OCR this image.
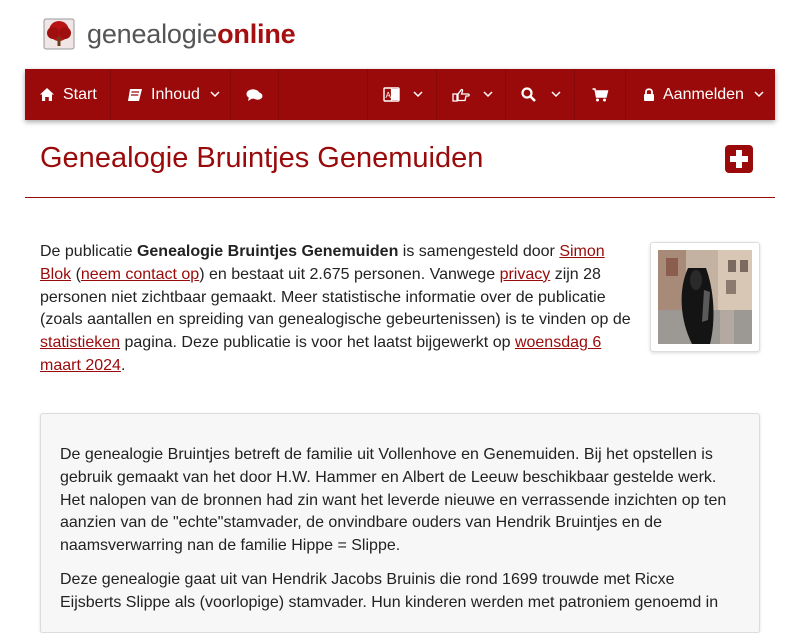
genealogieonline
Start	Inhoud	A	Aanmelden
Genealogie Bruintjes Genemuiden
De publicatie Genealogie Bruintjes Genemuiden is samengesteld door Simon Blok (neem contact op) en bestaat uit 2.675 personen. Vanwege privacy zijn 28 personen niet zichtbaar gemaakt. Meer statistische informatie over de publicatie (zoals aantallen en spreiding van genealogische gebeurtenissen) is te vinden op de statistieken pagina. Deze publicatie is voor het laatst bijgewerkt op woensdag 6 maart 2024.

De genealogie Bruintjes betreft de familie uit Vollenhove en Genemuiden. Bij het opstellen is gebruik gemaakt van het door H.W. Hammer en Albert de Leeuw beschikbaar gestelde werk. Het nalopen van de bronnen had zin want het leverde nieuwe en verrassende inzichten op ten aanzien van de "echte"stamvader, de onvindbare ouders van Hendrik Bruintjes en de naamsverwarring nan de familie Hippe = Slippe.

Deze genealogie gaat uit van Hendrik Jacobs Bruinis die rond 1699 trouwde met Ricxe Eijsberts Slippe als (voorlopige) stamvader. Hun kinderen werden met patroniem genoemd in
